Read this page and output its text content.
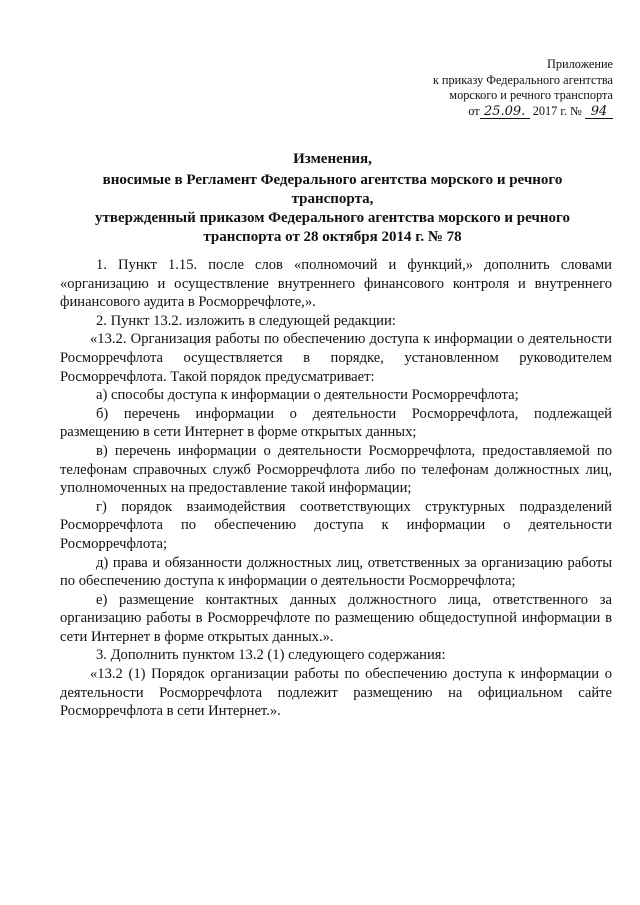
Приложение
к приказу Федерального агентства
морского и речного транспорта
от 25.09. 2017 г. № 94
Изменения,
вносимые в Регламент Федерального агентства морского и речного транспорта,
утвержденный приказом Федерального агентства морского и речного
транспорта от 28 октября 2014 г. № 78

1. Пункт 1.15. после слов «полномочий и функций,» дополнить словами «организацию и осуществление внутреннего финансового контроля и внутреннего финансового аудита в Росморречфлоте,».

2. Пункт 13.2. изложить в следующей редакции:

«13.2. Организация работы по обеспечению доступа к информации о деятельности Росморречфлота осуществляется в порядке, установленном руководителем Росморречфлота. Такой порядок предусматривает:

а) способы доступа к информации о деятельности Росморречфлота;

б) перечень информации о деятельности Росморречфлота, подлежащей размещению в сети Интернет в форме открытых данных;

в) перечень информации о деятельности Росморречфлота, предоставляемой по телефонам справочных служб Росморречфлота либо по телефонам должностных лиц, уполномоченных на предоставление такой информации;

г) порядок взаимодействия соответствующих структурных подразделений Росморречфлота по обеспечению доступа к информации о деятельности Росморречфлота;

д) права и обязанности должностных лиц, ответственных за организацию работы по обеспечению доступа к информации о деятельности Росморречфлота;

е) размещение контактных данных должностного лица, ответственного за организацию работы в Росморречфлоте по размещению общедоступной информации в сети Интернет в форме открытых данных.».

3. Дополнить пунктом 13.2 (1) следующего содержания:

«13.2 (1) Порядок организации работы по обеспечению доступа к информации о деятельности Росморречфлота подлежит размещению на официальном сайте Росморречфлота в сети Интернет.».
